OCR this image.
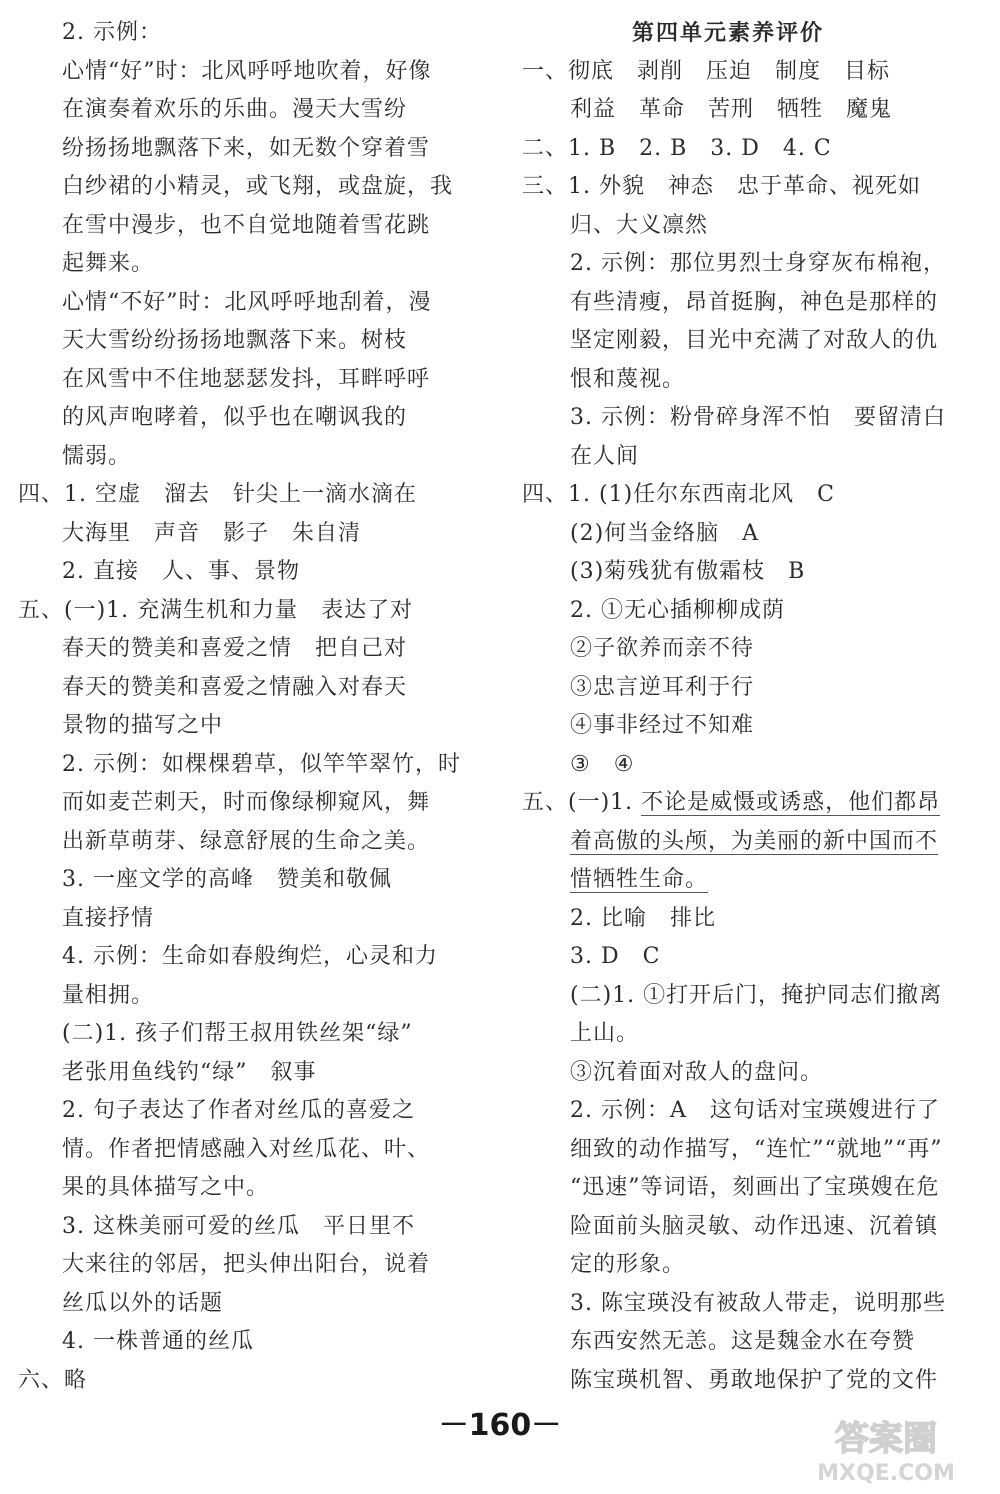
2. 示例：
心情“好”时：北风呼呼地吹着，好像
在演奏着欢乐的乐曲。漫天大雪纷
纷扬扬地飘落下来，如无数个穿着雪
白纱裙的小精灵，或飞翔，或盘旋，我
在雪中漫步，也不自觉地随着雪花跳
起舞来。
心情“不好”时：北风呼呼地刮着，漫
天大雪纷纷扬扬地飘落下来。树枝
在风雪中不住地瑟瑟发抖，耳畔呼呼
的风声咆哮着，似乎也在嘲讽我的
懦弱。
四、1. 空虚　溜去　针尖上一滴水滴在
大海里　声音　影子　朱自清
2. 直接　人、事、景物
五、(一)1. 充满生机和力量　表达了对
春天的赞美和喜爱之情　把自己对
春天的赞美和喜爱之情融入对春天
景物的描写之中
2. 示例：如棵棵碧草，似竿竿翠竹，时
而如麦芒刺天，时而像绿柳窥风，舞
出新草萌芽、绿意舒展的生命之美。
3. 一座文学的高峰　赞美和敬佩
直接抒情
4. 示例：生命如春般绚烂，心灵和力
量相拥。
(二)1. 孩子们帮王叔用铁丝架“绿”
老张用鱼线钓“绿”　叙事
2. 句子表达了作者对丝瓜的喜爱之
情。作者把情感融入对丝瓜花、叶、
果的具体描写之中。
3. 这株美丽可爱的丝瓜　平日里不
大来往的邻居，把头伸出阳台，说着
丝瓜以外的话题
4. 一株普通的丝瓜
六、略
第四单元素养评价
一、彻底　剥削　压迫　制度　目标
利益　革命　苦刑　牺牲　魔鬼
二、1. B　2. B　3. D　4. C
三、1. 外貌　神态　忠于革命、视死如
归、大义凛然
2. 示例：那位男烈士身穿灰布棉袍，
有些清瘦，昂首挺胸，神色是那样的
坚定刚毅，目光中充满了对敌人的仇
恨和蔑视。
3. 示例：粉骨碎身浑不怕　要留清白
在人间
四、1. (1)任尔东西南北风　C
(2)何当金络脑　A
(3)菊残犹有傲霜枝　B
2. ①无心插柳柳成荫
②子欲养而亲不待
③忠言逆耳利于行
④事非经过不知难
③　④
五、(一)1. 不论是威慑或诱惑，他们都昂
着高傲的头颅，为美丽的新中国而不
惜牺牲生命。
2. 比喻　排比
3. D　C
(二)1. ①打开后门，掩护同志们撤离
上山。
③沉着面对敌人的盘问。
2. 示例：A　这句话对宝瑛嫂进行了
细致的动作描写，“连忙”“就地”“再”
“迅速”等词语，刻画出了宝瑛嫂在危
险面前头脑灵敏、动作迅速、沉着镇
定的形象。
3. 陈宝瑛没有被敌人带走，说明那些
东西安然无恙。这是魏金水在夸赞
陈宝瑛机智、勇敢地保护了党的文件
－160－	答案圈
MXQE.COM
